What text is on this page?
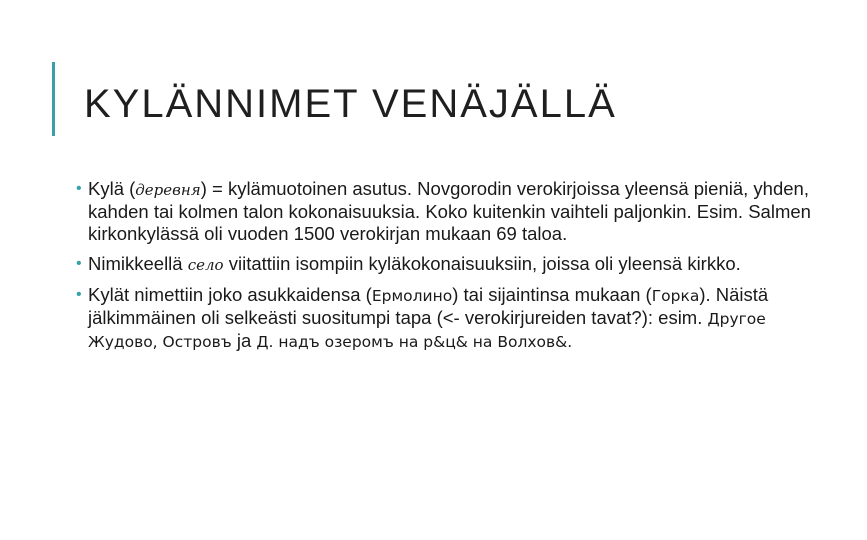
KYLÄNNIMET VENÄJÄLLÄ
• Kylä (деревня) = kylämuotoinen asutus. Novgorodin verokirjoissa yleensä pieniä, yhden, kahden tai kolmen talon kokonaisuuksia. Koko kuitenkin vaihteli paljonkin. Esim. Salmen kirkonkylässä oli vuoden 1500 verokirjan mukaan 69 taloa.
• Nimikkeellä село viitattiin isompiin kyläkokonaisuuksiin, joissa oli yleensä kirkko.
• Kylät nimettiin joko asukkaidensa (Ермолино) tai sijaintinsa mukaan (Горка). Näistä jälkimmäinen oli selkeästi suositumpi tapa (<- verokirjureiden tavat?): esim. Другое Жудово, Островъ ja Д. надъ озеромъ на р&ц& на Волхов&.
